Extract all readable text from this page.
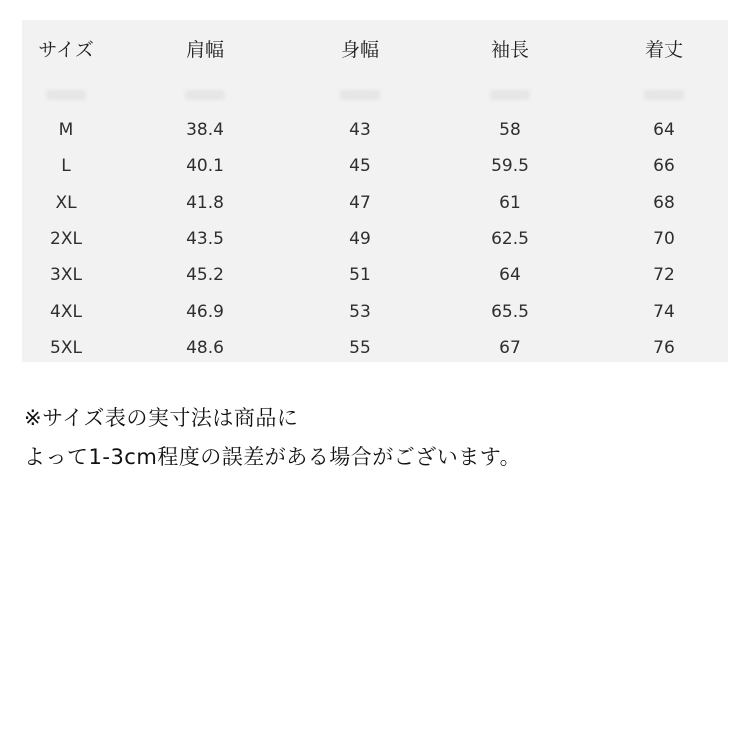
サイズ	肩幅	身幅	袖長	着丈

M	38.4	43	58	64
L	40.1	45	59.5	66
XL	41.8	47	61	68
2XL	43.5	49	62.5	70
3XL	45.2	51	64	72
4XL	46.9	53	65.5	74
5XL	48.6	55	67	76
※サイズ表の実寸法は商品に
よって1-3cm程度の誤差がある場合がございます。
